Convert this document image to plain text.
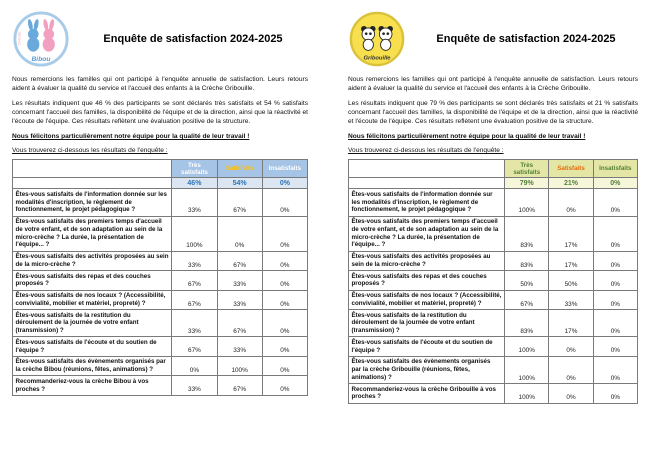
Crèche
Bibou
Enquête de satisfaction 2024-2025

Nous remercions les familles qui ont participé à l'enquête annuelle de satisfaction. Leurs retours aident à évaluer la qualité du service et l'accueil des enfants à la Crèche Gribouille.

Les résultats indiquent que 46 % des participants se sont déclarés très satisfaits et 54 % satisfaits concernant l'accueil des familles, la disponibilité de l'équipe et de la direction, ainsi que la réactivité et l'écoute de l'équipe. Ces résultats reflètent une évaluation positive de la structure.

Nous félicitons particulièrement notre équipe pour la qualité de leur travail !

Vous trouverez ci-dessous les résultats de l'enquête :

	Très satisfaits	Satisfaits	Insatisfaits
	46%	54%	0%
Êtes-vous satisfaits de l'information donnée sur les modalités d'inscription, le règlement de fonctionnement, le projet pédagogique ?	33%	67%	0%
Êtes-vous satisfaits des premiers temps d'accueil de votre enfant, et de son adaptation au sein de la micro-crèche ? La durée, la présentation de l'équipe... ?	100%	0%	0%
Êtes-vous satisfaits des activités proposées au sein de la micro-crèche ?	33%	67%	0%
Êtes-vous satisfaits des repas et des couches proposés ?	67%	33%	0%
Êtes-vous satisfaits de nos locaux ? (Accessibilité, convivialité, mobilier et matériel, propreté) ?	67%	33%	0%
Êtes-vous satisfaits de la restitution du déroulement de la journée de votre enfant (transmission) ?	33%	67%	0%
Êtes-vous satisfaits de l'écoute et du soutien de l'équipe ?	67%	33%	0%
Êtes-vous satisfaits des évènements organisés par la crèche Bibou (réunions, fêtes, animations) ?	0%	100%	0%
Recommanderiez-vous la crèche Bibou à vos proches ?	33%	67%	0%
Gribouille
Enquête de satisfaction 2024-2025

Nous remercions les familles qui ont participé à l'enquête annuelle de satisfaction. Leurs retours aident à évaluer la qualité du service et l'accueil des enfants à la Crèche Gribouille.

Les résultats indiquent que 79 % des participants se sont déclarés très satisfaits et 21 % satisfaits concernant l'accueil des familles, la disponibilité de l'équipe et de la direction, ainsi que la réactivité et l'écoute de l'équipe. Ces résultats reflètent une évaluation positive de la structure.

Nous félicitons particulièrement notre équipe pour la qualité de leur travail !

Vous trouverez ci-dessous les résultats de l'enquête :

	Très satisfaits	Satisfaits	Insatisfaits
	79%	21%	0%
Êtes-vous satisfaits de l'information donnée sur les modalités d'inscription, le règlement de fonctionnement, le projet pédagogique ?	100%	0%	0%
Êtes-vous satisfaits des premiers temps d'accueil de votre enfant, et de son adaptation au sein de la micro-crèche ? La durée, la présentation de l'équipe... ?	83%	17%	0%
Êtes-vous satisfaits des activités proposées au sein de la micro-crèche ?	83%	17%	0%
Êtes-vous satisfaits des repas et des couches proposés ?	50%	50%	0%
Êtes-vous satisfaits de nos locaux ? (Accessibilité, convivialité, mobilier et matériel, propreté) ?	67%	33%	0%
Êtes-vous satisfaits de la restitution du déroulement de la journée de votre enfant (transmission) ?	83%	17%	0%
Êtes-vous satisfaits de l'écoute et du soutien de l'équipe ?	100%	0%	0%
Êtes-vous satisfaits des évènements organisés par la crèche Gribouille (réunions, fêtes, animations) ?	100%	0%	0%
Recommanderiez-vous la crèche Gribouille à vos proches ?	100%	0%	0%
